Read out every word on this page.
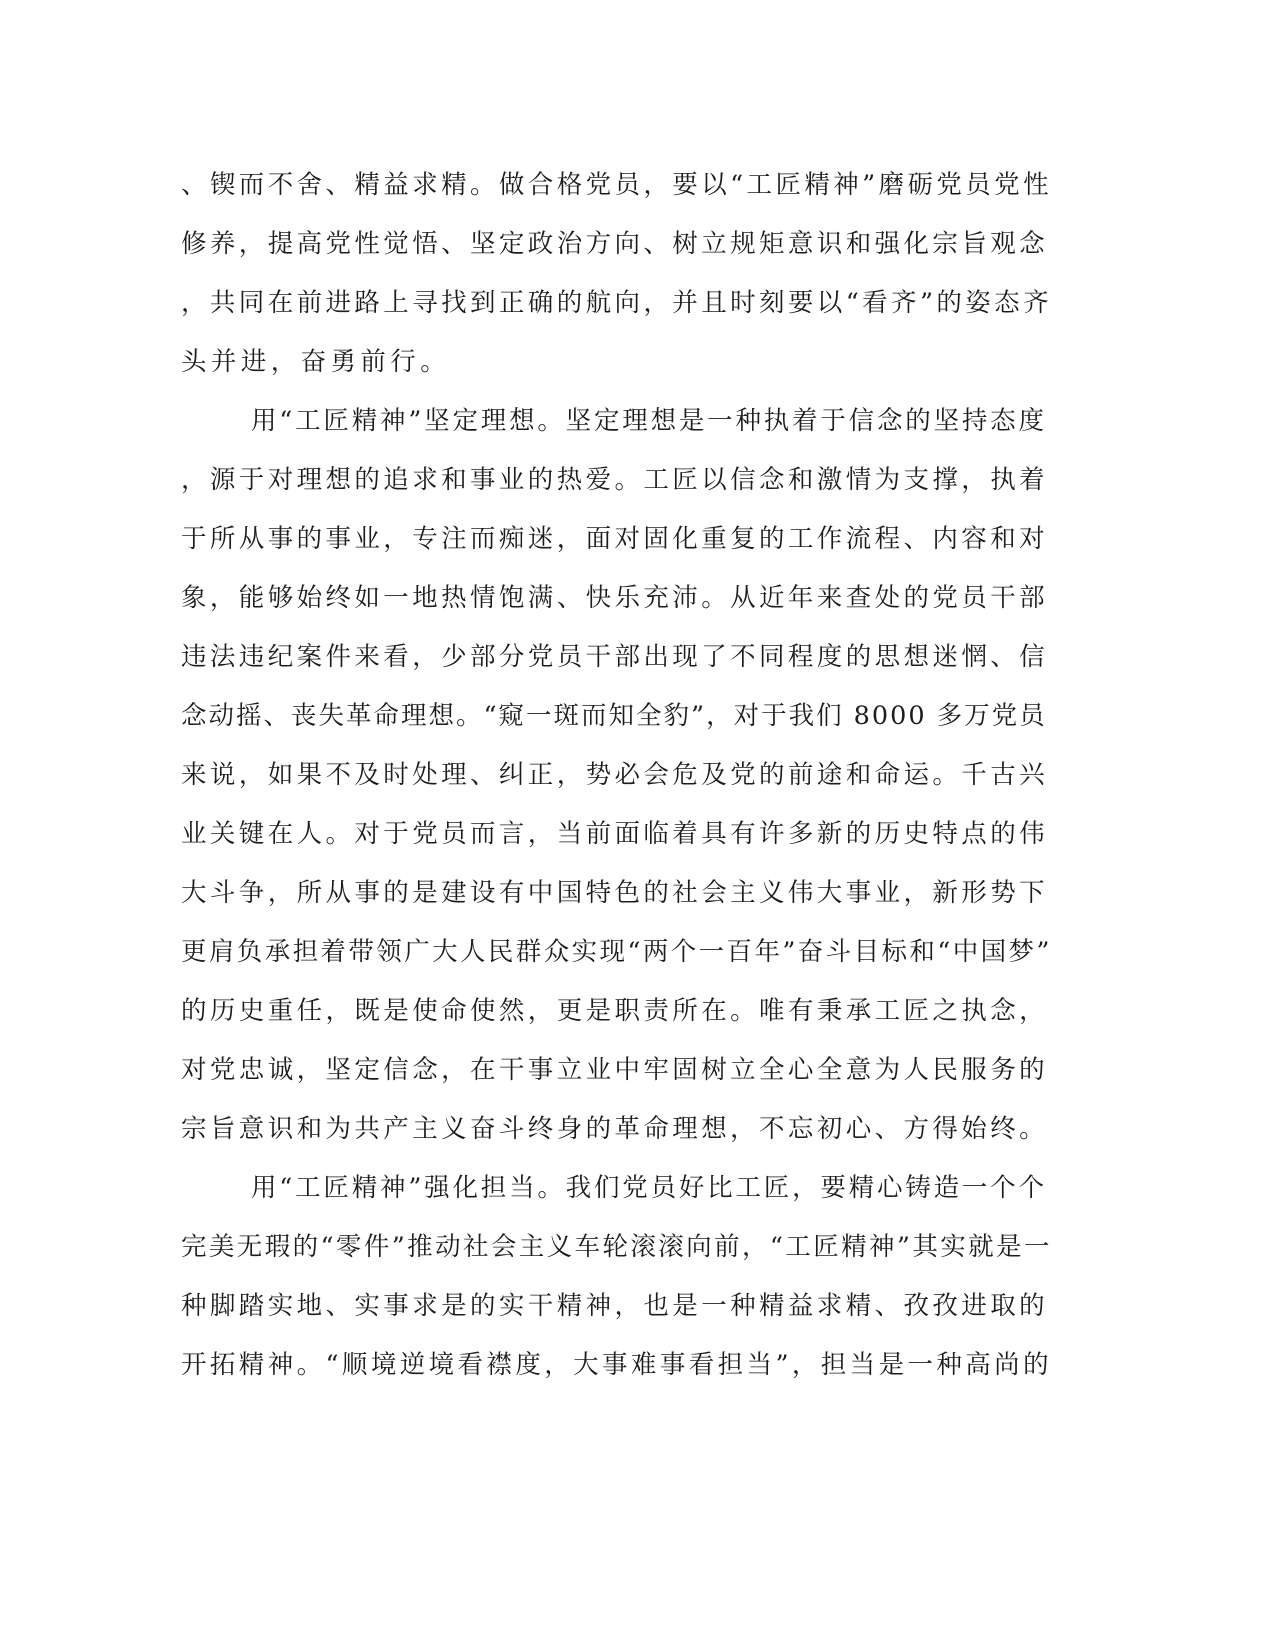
、锲而不舍、精益求精。做合格党员，要以“工匠精神”磨砺党员党性
修养，提高党性觉悟、坚定政治方向、树立规矩意识和强化宗旨观念
，共同在前进路上寻找到正确的航向，并且时刻要以“看齐”的姿态齐
头并进，奋勇前行。
用“工匠精神”坚定理想。坚定理想是一种执着于信念的坚持态度
，源于对理想的追求和事业的热爱。工匠以信念和激情为支撑，执着
于所从事的事业，专注而痴迷，面对固化重复的工作流程、内容和对
象，能够始终如一地热情饱满、快乐充沛。从近年来查处的党员干部
违法违纪案件来看，少部分党员干部出现了不同程度的思想迷惘、信
念动摇、丧失革命理想。“窥一斑而知全豹”，对于我们 8000 多万党员
来说，如果不及时处理、纠正，势必会危及党的前途和命运。千古兴
业关键在人。对于党员而言，当前面临着具有许多新的历史特点的伟
大斗争，所从事的是建设有中国特色的社会主义伟大事业，新形势下
更肩负承担着带领广大人民群众实现“两个一百年”奋斗目标和“中国梦”
的历史重任，既是使命使然，更是职责所在。唯有秉承工匠之执念，
对党忠诚，坚定信念，在干事立业中牢固树立全心全意为人民服务的
宗旨意识和为共产主义奋斗终身的革命理想，不忘初心、方得始终。
用“工匠精神”强化担当。我们党员好比工匠，要精心铸造一个个
完美无瑕的“零件”推动社会主义车轮滚滚向前，“工匠精神”其实就是一
种脚踏实地、实事求是的实干精神，也是一种精益求精、孜孜进取的
开拓精神。“顺境逆境看襟度，大事难事看担当”，担当是一种高尚的
